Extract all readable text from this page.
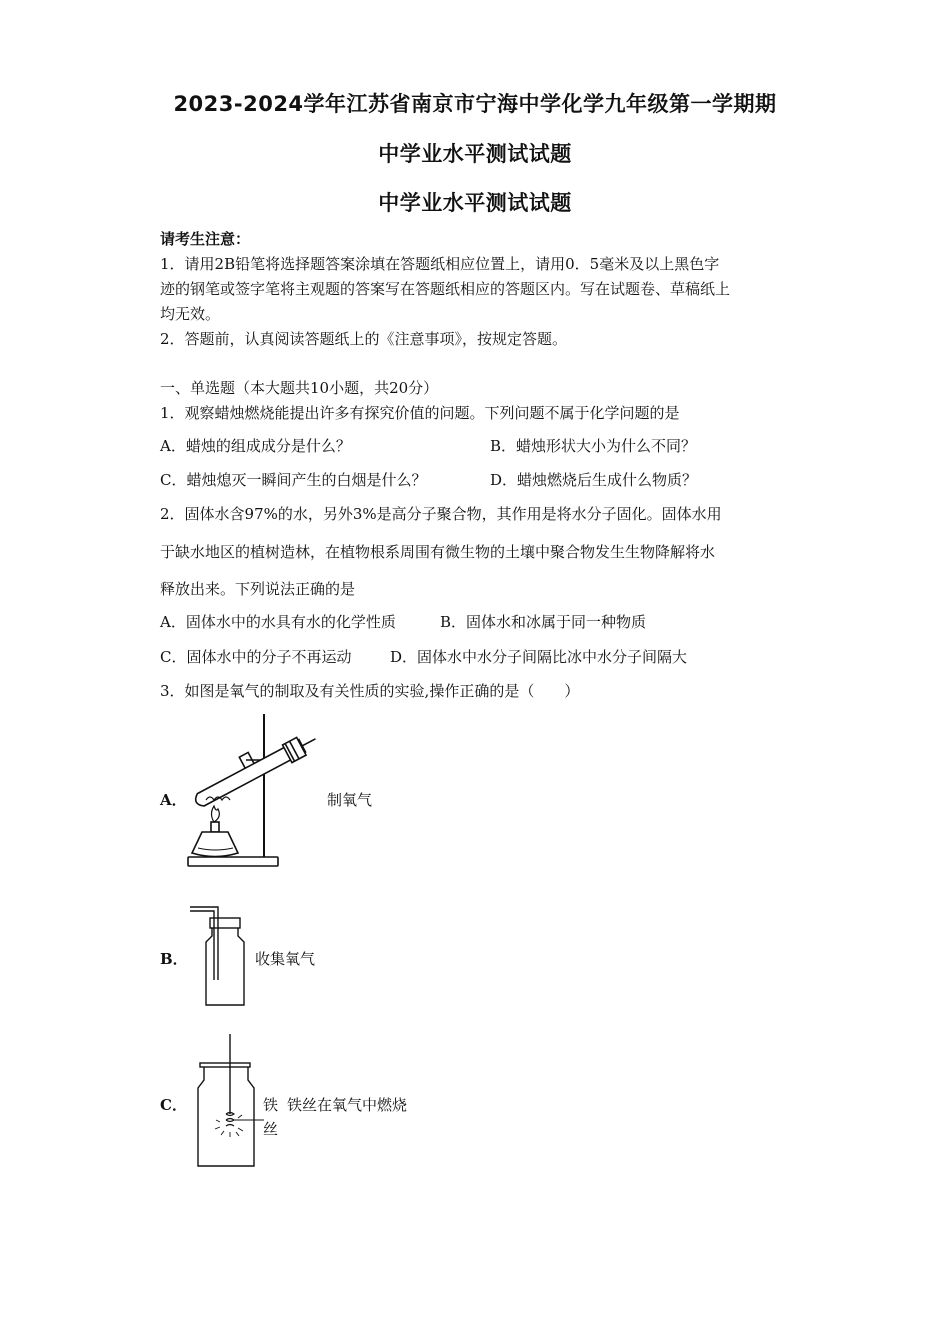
2023-2024学年江苏省南京市宁海中学化学九年级第一学期期
中学业水平测试试题
中学业水平测试试题
请考生注意：
1．请用2B铅笔将选择题答案涂填在答题纸相应位置上，请用0．5毫米及以上黑色字
迹的钢笔或签字笔将主观题的答案写在答题纸相应的答题区内。写在试题卷、草稿纸上
均无效。
2．答题前，认真阅读答题纸上的《注意事项》，按规定答题。
一、单选题（本大题共10小题，共20分）
1．观察蜡烛燃烧能提出许多有探究价值的问题。下列问题不属于化学问题的是
A．蜡烛的组成成分是什么？	B．蜡烛形状大小为什么不同？
C．蜡烛熄灭一瞬间产生的白烟是什么？	D．蜡烛燃烧后生成什么物质？
2．固体水含97%的水，另外3%是高分子聚合物，其作用是将水分子固化。固体水用
于缺水地区的植树造林，在植物根系周围有微生物的土壤中聚合物发生生物降解将水
释放出来。下列说法正确的是
A．固体水中的水具有水的化学性质	B．固体水和冰属于同一种物质
C．固体水中的分子不再运动	D．固体水中水分子间隔比冰中水分子间隔大
3．如图是氧气的制取及有关性质的实验,操作正确的是（　　）
A．	制氧气
B．	收集氧气
C．	铁
丝
铁丝在氧气中燃烧
